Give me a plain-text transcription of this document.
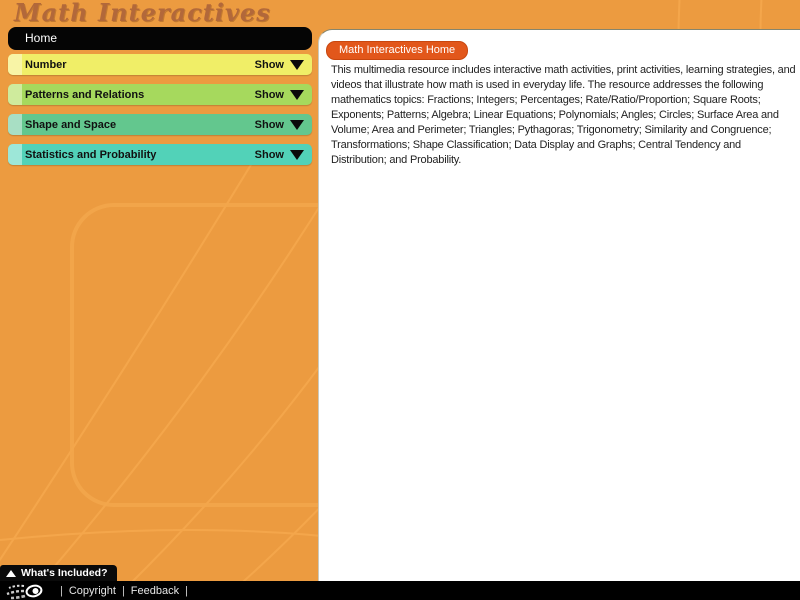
Math Interactives
Home
Number	Show
Patterns and Relations	Show
Shape and Space	Show
Statistics and Probability	Show
Math Interactives Home

This multimedia resource includes interactive math activities, print activities, learning strategies, and videos that illustrate how math is used in everyday life. The resource addresses the following mathematics topics: Fractions; Integers; Percentages; Rate/Ratio/Proportion; Square Roots; Exponents; Patterns; Algebra; Linear Equations; Polynomials; Angles; Circles; Surface Area and Volume; Area and Perimeter; Triangles; Pythagoras; Trigonometry; Similarity and Congruence; Transformations; Shape Classification; Data Display and Graphs; Central Tendency and Distribution; and Probability.

What's Included?
| Copyright | Feedback |
